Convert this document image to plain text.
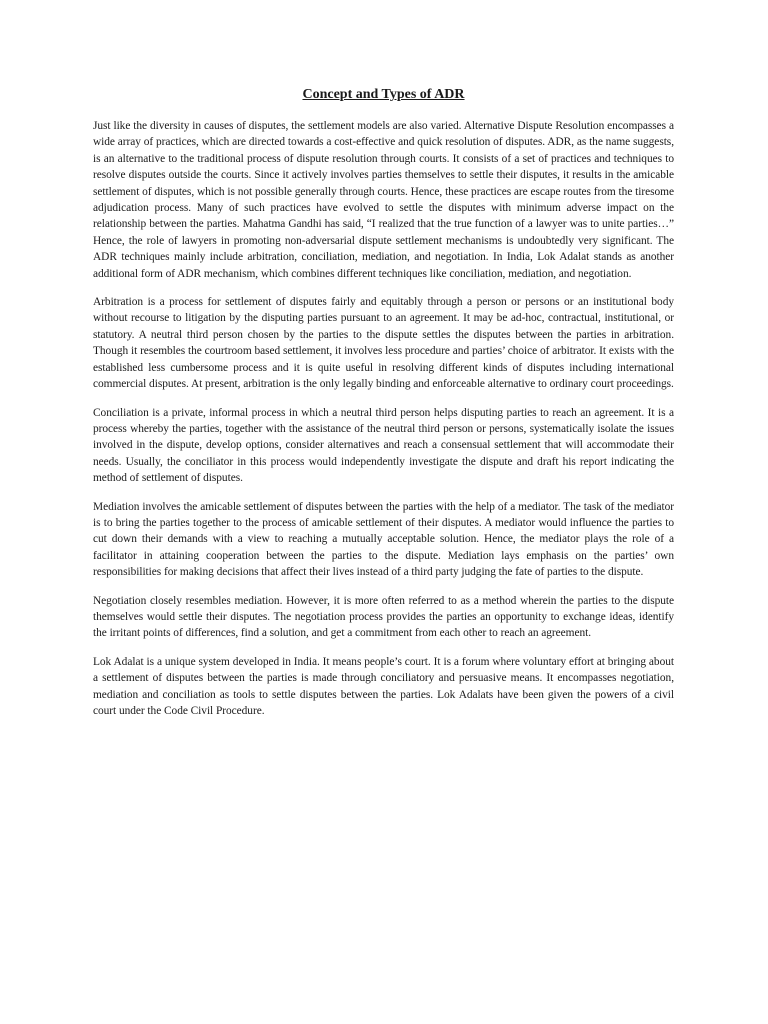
Concept and Types of ADR

Just like the diversity in causes of disputes, the settlement models are also varied. Alternative Dispute Resolution encompasses a wide array of practices, which are directed towards a cost-effective and quick resolution of disputes. ADR, as the name suggests, is an alternative to the traditional process of dispute resolution through courts. It consists of a set of practices and techniques to resolve disputes outside the courts. Since it actively involves parties themselves to settle their disputes, it results in the amicable settlement of disputes, which is not possible generally through courts. Hence, these practices are escape routes from the tiresome adjudication process. Many of such practices have evolved to settle the disputes with minimum adverse impact on the relationship between the parties. Mahatma Gandhi has said, “I realized that the true function of a lawyer was to unite parties…” Hence, the role of lawyers in promoting non-adversarial dispute settlement mechanisms is undoubtedly very significant. The ADR techniques mainly include arbitration, conciliation, mediation, and negotiation. In India, Lok Adalat stands as another additional form of ADR mechanism, which combines different techniques like conciliation, mediation, and negotiation.

Arbitration is a process for settlement of disputes fairly and equitably through a person or persons or an institutional body without recourse to litigation by the disputing parties pursuant to an agreement. It may be ad-hoc, contractual, institutional, or statutory. A neutral third person chosen by the parties to the dispute settles the disputes between the parties in arbitration. Though it resembles the courtroom based settlement, it involves less procedure and parties’ choice of arbitrator. It exists with the established less cumbersome process and it is quite useful in resolving different kinds of disputes including international commercial disputes. At present, arbitration is the only legally binding and enforceable alternative to ordinary court proceedings.

Conciliation is a private, informal process in which a neutral third person helps disputing parties to reach an agreement. It is a process whereby the parties, together with the assistance of the neutral third person or persons, systematically isolate the issues involved in the dispute, develop options, consider alternatives and reach a consensual settlement that will accommodate their needs. Usually, the conciliator in this process would independently investigate the dispute and draft his report indicating the method of settlement of disputes.

Mediation involves the amicable settlement of disputes between the parties with the help of a mediator. The task of the mediator is to bring the parties together to the process of amicable settlement of their disputes. A mediator would influence the parties to cut down their demands with a view to reaching a mutually acceptable solution. Hence, the mediator plays the role of a facilitator in attaining cooperation between the parties to the dispute. Mediation lays emphasis on the parties’ own responsibilities for making decisions that affect their lives instead of a third party judging the fate of parties to the dispute.

Negotiation closely resembles mediation. However, it is more often referred to as a method wherein the parties to the dispute themselves would settle their disputes. The negotiation process provides the parties an opportunity to exchange ideas, identify the irritant points of differences, find a solution, and get a commitment from each other to reach an agreement.

Lok Adalat is a unique system developed in India. It means people’s court. It is a forum where voluntary effort at bringing about a settlement of disputes between the parties is made through conciliatory and persuasive means. It encompasses negotiation, mediation and conciliation as tools to settle disputes between the parties. Lok Adalats have been given the powers of a civil court under the Code Civil Procedure.
